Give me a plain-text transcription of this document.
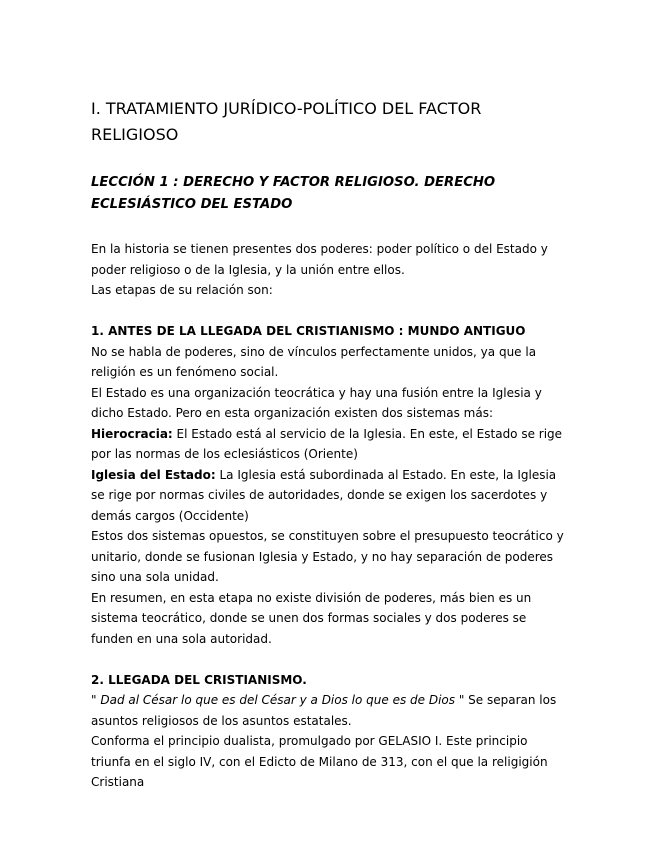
I. TRATAMIENTO JURÍDICO-POLÍTICO DEL FACTOR RELIGIOSO
LECCIÓN 1 : DERECHO Y FACTOR RELIGIOSO. DERECHO ECLESIÁSTICO DEL ESTADO

En la historia se tienen presentes dos poderes: poder político o del Estado y poder religioso o de la Iglesia, y la unión entre ellos.

Las etapas de su relación son:

1. ANTES DE LA LLEGADA DEL CRISTIANISMO : MUNDO ANTIGUO

No se habla de poderes, sino de vínculos perfectamente unidos, ya que la religión es un fenómeno social.

El Estado es una organización teocrática y hay una fusión entre la Iglesia y dicho Estado. Pero en esta organización existen dos sistemas más:

Hierocracia: El Estado está al servicio de la Iglesia. En este, el Estado se rige por las normas de los eclesiásticos (Oriente)

Iglesia del Estado: La Iglesia está subordinada al Estado. En este, la Iglesia se rige por normas civiles de autoridades, donde se exigen los sacerdotes y demás cargos (Occidente)

Estos dos sistemas opuestos, se constituyen sobre el presupuesto teocrático y unitario, donde se fusionan Iglesia y Estado, y no hay separación de poderes sino una sola unidad.

En resumen, en esta etapa no existe división de poderes, más bien es un sistema teocrático, donde se unen dos formas sociales y dos poderes se funden en una sola autoridad.

2. LLEGADA DEL CRISTIANISMO.

" Dad al César lo que es del César y a Dios lo que es de Dios " Se separan los asuntos religiosos de los asuntos estatales.

Conforma el principio dualista, promulgado por GELASIO I. Este principio triunfa en el siglo IV, con el Edicto de Milano de 313, con el que la religigión Cristiana
